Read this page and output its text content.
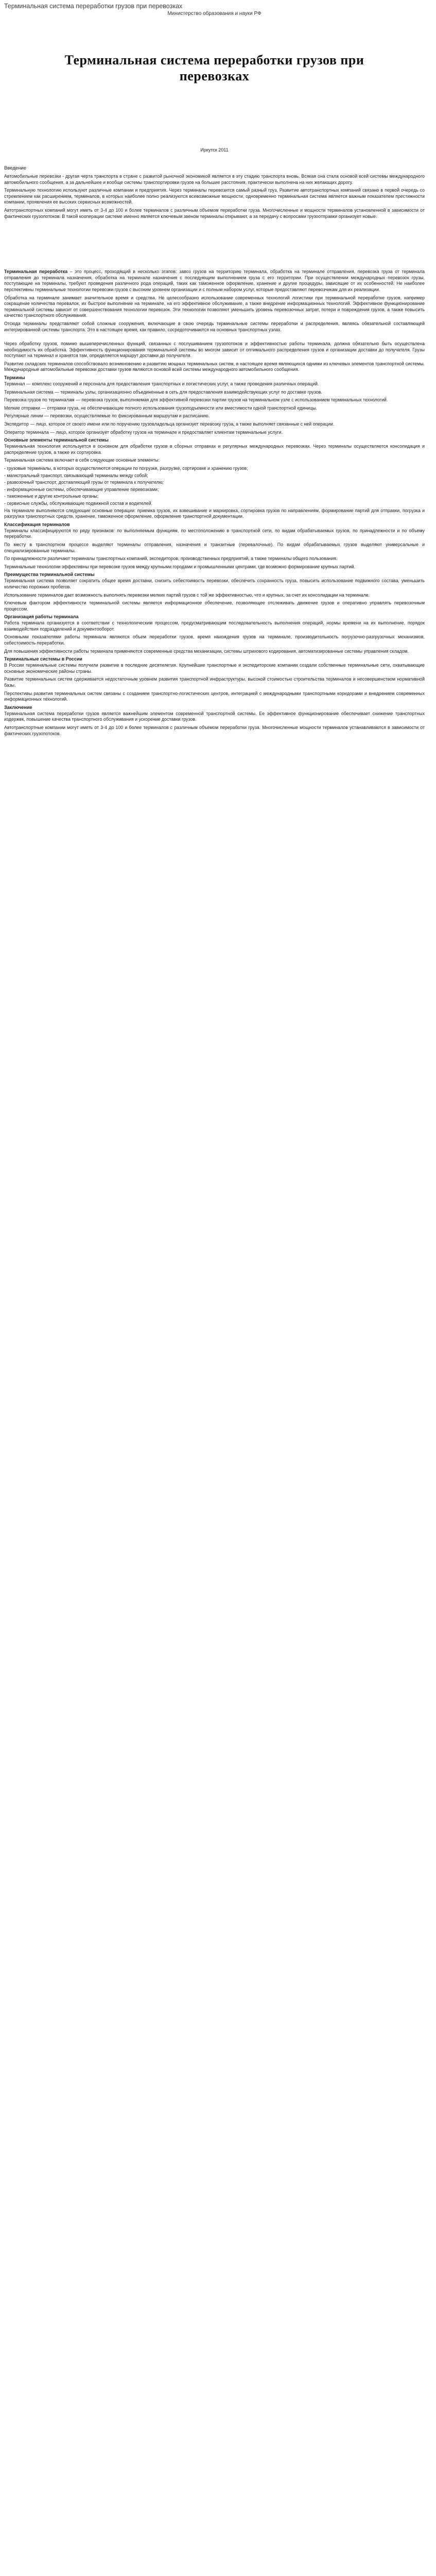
Терминальная система переработки грузов при перевозках
Министерство образования и науки РФ
Терминальная система переработки грузов при перевозках
Иркутск 2011
Введение

Автомобильные перевозки - другая черта транспорта в стране с развитой рыночной экономикой является в эту стадию транспорта вновь. Всякая она стала основой всей системы международного автомобильного сообщения, а за дальнейшее и вообще системы транспортировки грузов на большие расстояния, практически выполнена на них желающих дорогу.

Терминальную технологию используют различные компании и предприятия. Через терминалы перевозится самый разный груз. Развитие автотранспортных компаний связано в первой очередь со стремлением как расширением, терминалов, в которых наиболее полно реализуются всевозможные мощности, одновременно терминальная система является важным показателем престижности компании, проявления ее высоких сервисных возможностей.

Автотранспортных компаний могут иметь от 3-4 до 100 и более терминалов с различным объемом переработки груза. Многочисленные и мощности терминалов установленной в зависимости от фактических грузопотоков. В такой кооперации системе именно является ключевым звеном терминалы открывают, а за передачу с вопросами грузоотправки организует новые.

Терминальная переработка – это процесс, проходящий в несколько этапов: завоз грузов на территорию терминала, обработка на терминале отправления, перевозка груза от терминала отправления до терминала назначения, обработка на терминале назначения с последующим выполнением груза с его территории. При осуществлении международных перевозок грузы, поступающие на терминалы, требуют проведения различного рода операций, таких как таможенное оформление, хранение и другие процедуры, зависящие от их особенностей. Не наиболее перспективны терминальные технологии перевозки грузов с высоким уровнем организации и с полным набором услуг, которые предоставляют перевозчикам для их реализации.

Обработка на терминале занимает значительное время и средства. Не целесообразно использование современных технологий логистики при терминальной переработке грузов, например сокращение количества перевалок, их быстрое выполнение на терминале, на его эффективное обслуживание, а также внедрение информационных технологий. Эффективное функционирование терминальной системы зависит от совершенствования технологии перевозок. Эти технологии позволяют уменьшить уровень перевозочных затрат, потери и повреждения грузов, а также повысить качество транспортного обслуживания.

Отсюда терминалы представляют собой сложные сооружения, включающие в свою очередь терминальные системы переработки и распределения, являясь обязательной составляющей интегрированной системы транспорта. Это в настоящее время, как правило, сосредоточиваются на основных транспортных узлах.

Через обработку грузов, помимо вышеперечисленных функций, связанных с послушиванием грузопотоков и эффективностью работы терминала, должна обязательно быть осуществлена необходимость их обработка. Эффективность функционирования терминальной системы во многом зависит от оптимального распределения грузов и организации доставки до получателя. Грузы поступают на терминал и хранятся там, определяется маршрут доставки до получателя.

Развитие складских терминалов способствовало возникновению и развитию мощных терминальных систем, в настоящее время являющихся одними из ключевых элементов транспортной системы. Международные автомобильные перевозки доставки грузов являются основой всей системы международного автомобильного сообщения.

Термины

Терминал — комплекс сооружений и персонала для предоставления транспортных и логистических услуг, а также проведения различных операций.

Терминальная система — терминалы узлы, организационно объединенные в сеть для предоставления взаимодействующих услуг по доставке грузов.

Перевозка грузов по терминалам — перевозка грузов, выполняемая для эффективной перевозки партии грузов на терминальном узле с использованием терминальных технологий.

Мелкие отправки — отправки груза, не обеспечивающие полного использования грузоподъемности или вместимости одной транспортной единицы.

Регулярные линии — перевозки, осуществляемые по фиксированным маршрутам и расписанию.

Экспедитор — лицо, которое от своего имени или по поручению грузовладельца организует перевозку груза, а также выполняет связанные с ней операции.

Оператор терминала — лицо, которое организует обработку грузов на терминале и предоставляет клиентам терминальные услуги.

Основные элементы терминальной системы

Терминальная технология используется в основном для обработки грузов в сборных отправках и регулярных международных перевозках. Через терминалы осуществляется консолидация и распределение грузов, а также их сортировка.

Терминальная система включает в себя следующие основные элементы:

- грузовые терминалы, в которых осуществляются операции по погрузке, разгрузке, сортировке и хранению грузов;
- магистральный транспорт, связывающий терминалы между собой;
- развозочный транспорт, доставляющий грузы от терминала к получателю;
- информационные системы, обеспечивающие управление перевозками;
- таможенные и другие контрольные органы;
- сервисные службы, обслуживающие подвижной состав и водителей.

На терминале выполняются следующие основные операции: приемка грузов, их взвешивание и маркировка, сортировка грузов по направлениям, формирование партий для отправки, погрузка и разгрузка транспортных средств, хранение, таможенное оформление, оформление транспортной документации.

Классификация терминалов

Терминалы классифицируются по ряду признаков: по выполняемым функциям, по местоположению в транспортной сети, по видам обрабатываемых грузов, по принадлежности и по объему переработки.

По месту в транспортном процессе выделяют терминалы отправления, назначения и транзитные (перевалочные). По видам обрабатываемых грузов выделяют универсальные и специализированные терминалы.

По принадлежности различают терминалы транспортных компаний, экспедиторов, производственных предприятий, а также терминалы общего пользования.

Терминальные технологии эффективны при перевозке грузов между крупными городами и промышленными центрами, где возможно формирование крупных партий.

Преимущества терминальной системы

Терминальная система позволяет сократить общее время доставки, снизить себестоимость перевозки, обеспечить сохранность груза, повысить использование подвижного состава, уменьшить количество порожних пробегов.

Использование терминалов дает возможность выполнять перевозки мелких партий грузов с той же эффективностью, что и крупных, за счет их консолидации на терминале.

Ключевым фактором эффективности терминальной системы является информационное обеспечение, позволяющее отслеживать движение грузов и оперативно управлять перевозочным процессом.

Организация работы терминала

Работа терминала организуется в соответствии с технологическим процессом, предусматривающим последовательность выполнения операций, нормы времени на их выполнение, порядок взаимодействия подразделений и документооборот.

Основными показателями работы терминала являются объем переработки грузов, время нахождения грузов на терминале, производительность погрузочно-разгрузочных механизмов, себестоимость переработки.

Для повышения эффективности работы терминала применяются современные средства механизации, системы штрихового кодирования, автоматизированные системы управления складом.

Терминальные системы в России

В России терминальные системы получили развитие в последние десятилетия. Крупнейшие транспортные и экспедиторские компании создали собственные терминальные сети, охватывающие основные экономические районы страны.

Развитие терминальных систем сдерживается недостаточным уровнем развития транспортной инфраструктуры, высокой стоимостью строительства терминалов и несовершенством нормативной базы.

Перспективы развития терминальных систем связаны с созданием транспортно-логистических центров, интеграцией с международными транспортными коридорами и внедрением современных информационных технологий.

Заключение

Терминальная система переработки грузов является важнейшим элементом современной транспортной системы. Ее эффективное функционирование обеспечивает снижение транспортных издержек, повышение качества транспортного обслуживания и ускорение доставки грузов.

Автотранспортные компании могут иметь от 3-4 до 100 и более терминалов с различным объемом переработки груза. Многочисленные мощности терминалов устанавливаются в зависимости от фактических грузопотоков.
